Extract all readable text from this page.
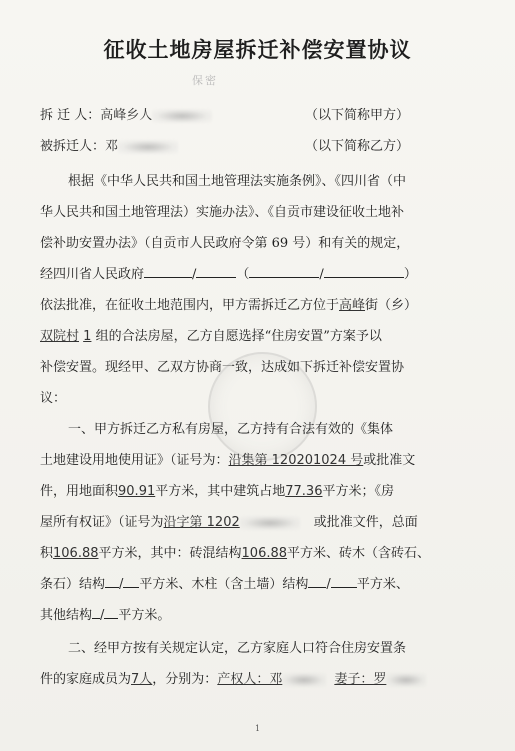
征收土地房屋拆迁补偿安置协议
保密
拆 迁 人：高峰乡人	（以下简称甲方）
被拆迁人：邓	（以下简称乙方）
根据《中华人民共和国土地管理法实施条例》、《四川省（中
华人民共和国土地管理法）实施办法》、《自贡市建设征收土地补
偿补助安置办法》（自贡市人民政府令第 69 号）和有关的规定，
经四川省人民政府	/	（	/	）
依法批准，在征收土地范围内，甲方需拆迁乙方位于高峰街（乡）
双院村 1 组的合法房屋，乙方自愿选择“住房安置”方案予以
补偿安置。现经甲、乙双方协商一致，达成如下拆迁补偿安置协
议：
一、甲方拆迁乙方私有房屋，乙方持有合法有效的《集体
土地建设用地使用证》（证号为：沿集第 120201024 号或批准文
件，用地面积90.91平方米，其中建筑占地77.36平方米；《房
屋所有权证》（证号为沿字第 1202	或批准文件，总面
积106.88平方米，其中：砖混结构106.88平方米、砖木（含砖石、
条石）结构 / 平方米、木柱（含土墙）结构 / 平方米、
其他结构 / 平方米。
二、经甲方按有关规定认定，乙方家庭人口符合住房安置条
件的家庭成员为7人，分别为：产权人：邓	妻子：罗
1
